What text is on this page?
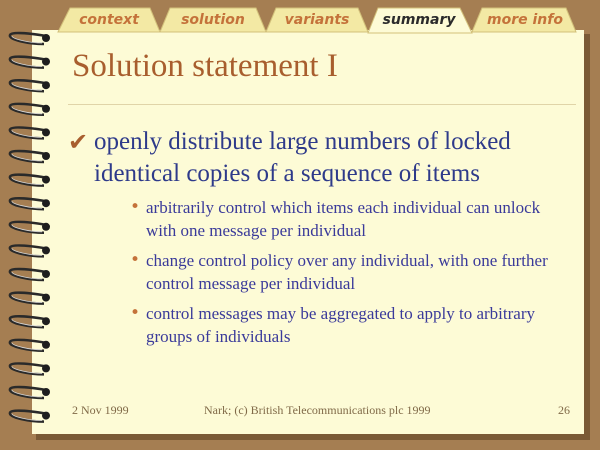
context	solution	variants	summary	more info
Solution statement I
✔ openly distribute large numbers of locked identical copies of a sequence of items
• arbitrarily control which items each individual can unlock with one message per individual
• change control policy over any individual, with one further control message per individual
• control messages may be aggregated to apply to arbitrary groups of individuals
2 Nov 1999	Nark; (c) British Telecommunications plc 1999	26
